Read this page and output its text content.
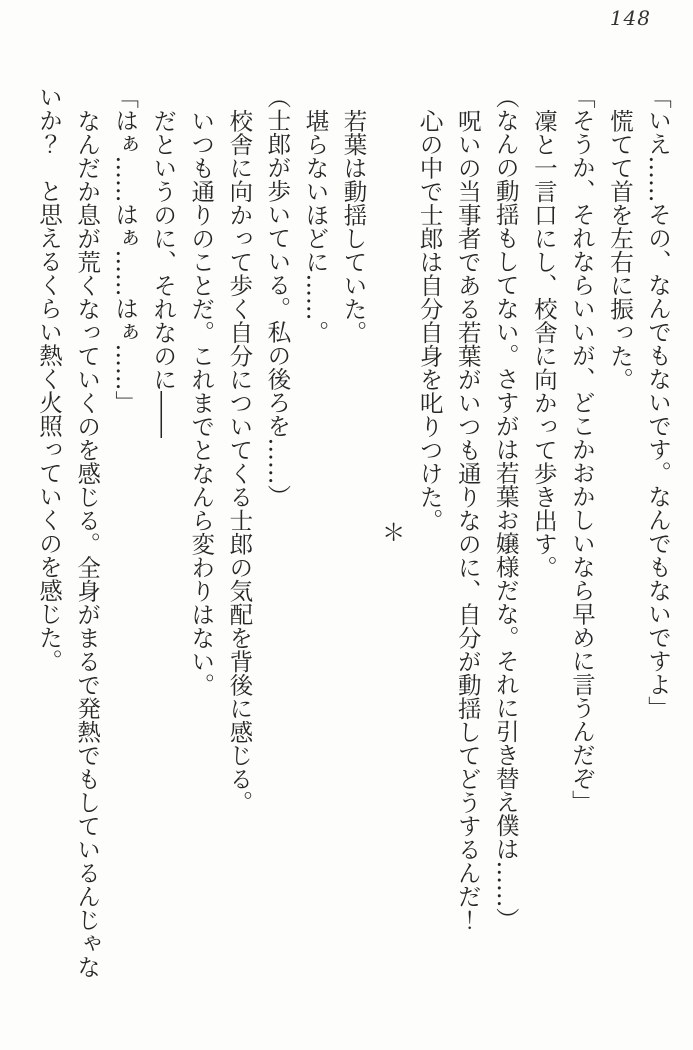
148

「いえ……その、なんでもないです。なんでもないですよ」

慌てて首を左右に振った。

「そうか、それならいいが、どこかおかしいなら早めに言うんだぞ」

凜と一言口にし、校舎に向かって歩き出す。

（なんの動揺もしてない。さすがは若葉お嬢様だな。それに引き替え僕は……）

呪いの当事者である若葉がいつも通りなのに、自分が動揺してどうするんだ！

心の中で士郎は自分自身を叱りつけた。

＊

若葉は動揺していた。

堪らないほどに……。

（士郎が歩いている。私の後ろを……）

校舎に向かって歩く自分についてくる士郎の気配を背後に感じる。

いつも通りのことだ。これまでとなんら変わりはない。

だというのに、それなのに――

「はぁ……はぁ……はぁ……」

なんだか息が荒くなっていくのを感じる。全身がまるで発熱でもしているんじゃないか？　と思えるくらい熱く火照っていくのを感じた。
